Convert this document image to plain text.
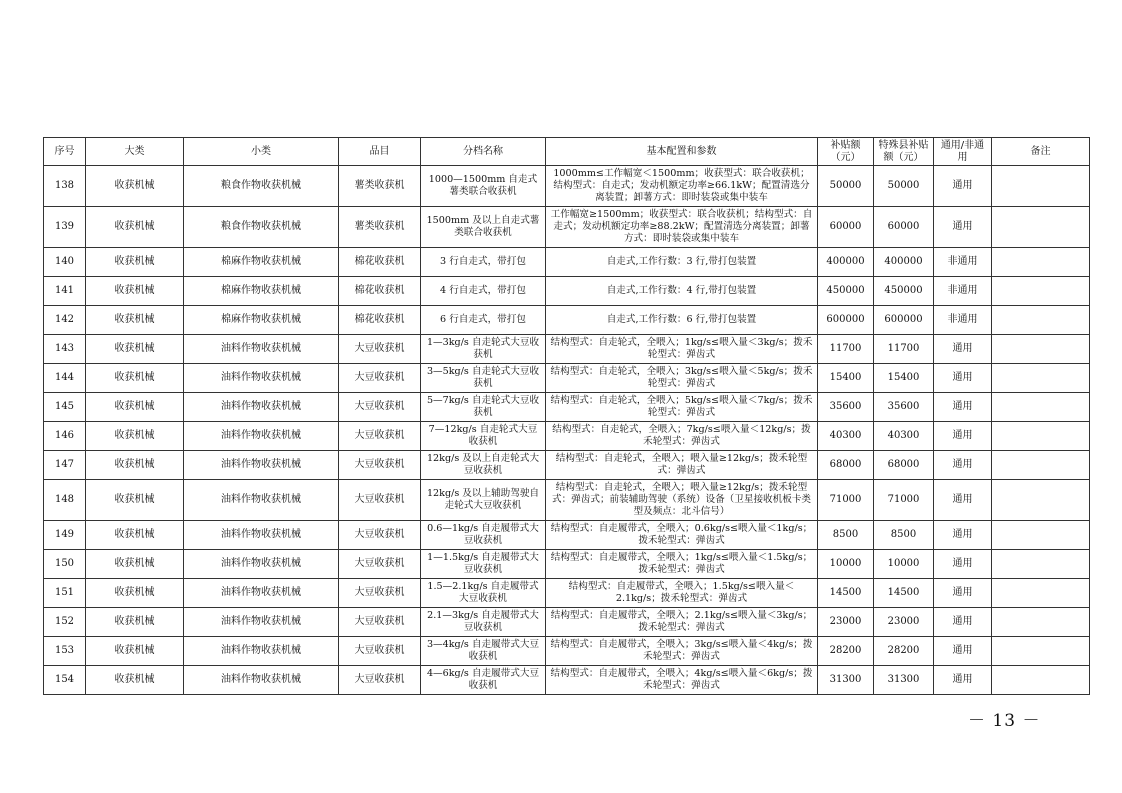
序号	大类	小类	品目	分档名称	基本配置和参数	补贴额（元）	特殊县补贴额（元）	通用/非通用	备注
138	收获机械	粮食作物收获机械	薯类收获机	1000—1500mm 自走式薯类联合收获机	1000mm≤工作幅宽＜1500mm；收获型式：联合收获机；结构型式：自走式；发动机额定功率≥66.1kW；配置清选分离装置；卸薯方式：即时装袋或集中装车	50000	50000	通用	
139	收获机械	粮食作物收获机械	薯类收获机	1500mm 及以上自走式薯类联合收获机	工作幅宽≥1500mm；收获型式：联合收获机；结构型式：自走式；发动机额定功率≥88.2kW；配置清选分离装置；卸薯方式：即时装袋或集中装车	60000	60000	通用	
140	收获机械	棉麻作物收获机械	棉花收获机	3 行自走式，带打包	自走式,工作行数：3 行,带打包装置	400000	400000	非通用	
141	收获机械	棉麻作物收获机械	棉花收获机	4 行自走式，带打包	自走式,工作行数：4 行,带打包装置	450000	450000	非通用	
142	收获机械	棉麻作物收获机械	棉花收获机	6 行自走式，带打包	自走式,工作行数：6 行,带打包装置	600000	600000	非通用	
143	收获机械	油料作物收获机械	大豆收获机	1—3kg/s 自走轮式大豆收获机	结构型式：自走轮式，全喂入；1kg/s≤喂入量＜3kg/s；拨禾轮型式：弹齿式	11700	11700	通用	
144	收获机械	油料作物收获机械	大豆收获机	3—5kg/s 自走轮式大豆收获机	结构型式：自走轮式，全喂入；3kg/s≤喂入量＜5kg/s；拨禾轮型式：弹齿式	15400	15400	通用	
145	收获机械	油料作物收获机械	大豆收获机	5—7kg/s 自走轮式大豆收获机	结构型式：自走轮式，全喂入；5kg/s≤喂入量＜7kg/s；拨禾轮型式：弹齿式	35600	35600	通用	
146	收获机械	油料作物收获机械	大豆收获机	7—12kg/s 自走轮式大豆收获机	结构型式：自走轮式，全喂入；7kg/s≤喂入量＜12kg/s；拨禾轮型式：弹齿式	40300	40300	通用	
147	收获机械	油料作物收获机械	大豆收获机	12kg/s 及以上自走轮式大豆收获机	结构型式：自走轮式，全喂入；喂入量≥12kg/s；拨禾轮型式：弹齿式	68000	68000	通用	
148	收获机械	油料作物收获机械	大豆收获机	12kg/s 及以上辅助驾驶自走轮式大豆收获机	结构型式：自走轮式，全喂入；喂入量≥12kg/s；拨禾轮型式：弹齿式；前装辅助驾驶（系统）设备（卫星接收机板卡类型及频点：北斗信号）	71000	71000	通用	
149	收获机械	油料作物收获机械	大豆收获机	0.6—1kg/s 自走履带式大豆收获机	结构型式：自走履带式，全喂入；0.6kg/s≤喂入量＜1kg/s；拨禾轮型式：弹齿式	8500	8500	通用	
150	收获机械	油料作物收获机械	大豆收获机	1—1.5kg/s 自走履带式大豆收获机	结构型式：自走履带式，全喂入；1kg/s≤喂入量＜1.5kg/s；拨禾轮型式：弹齿式	10000	10000	通用	
151	收获机械	油料作物收获机械	大豆收获机	1.5—2.1kg/s 自走履带式大豆收获机	结构型式：自走履带式，全喂入；1.5kg/s≤喂入量＜2.1kg/s；拨禾轮型式：弹齿式	14500	14500	通用	
152	收获机械	油料作物收获机械	大豆收获机	2.1—3kg/s 自走履带式大豆收获机	结构型式：自走履带式，全喂入；2.1kg/s≤喂入量＜3kg/s；拨禾轮型式：弹齿式	23000	23000	通用	
153	收获机械	油料作物收获机械	大豆收获机	3—4kg/s 自走履带式大豆收获机	结构型式：自走履带式，全喂入；3kg/s≤喂入量＜4kg/s；拨禾轮型式：弹齿式	28200	28200	通用	
154	收获机械	油料作物收获机械	大豆收获机	4—6kg/s 自走履带式大豆收获机	结构型式：自走履带式，全喂入；4kg/s≤喂入量＜6kg/s；拨禾轮型式：弹齿式	31300	31300	通用	
－ 13 －
